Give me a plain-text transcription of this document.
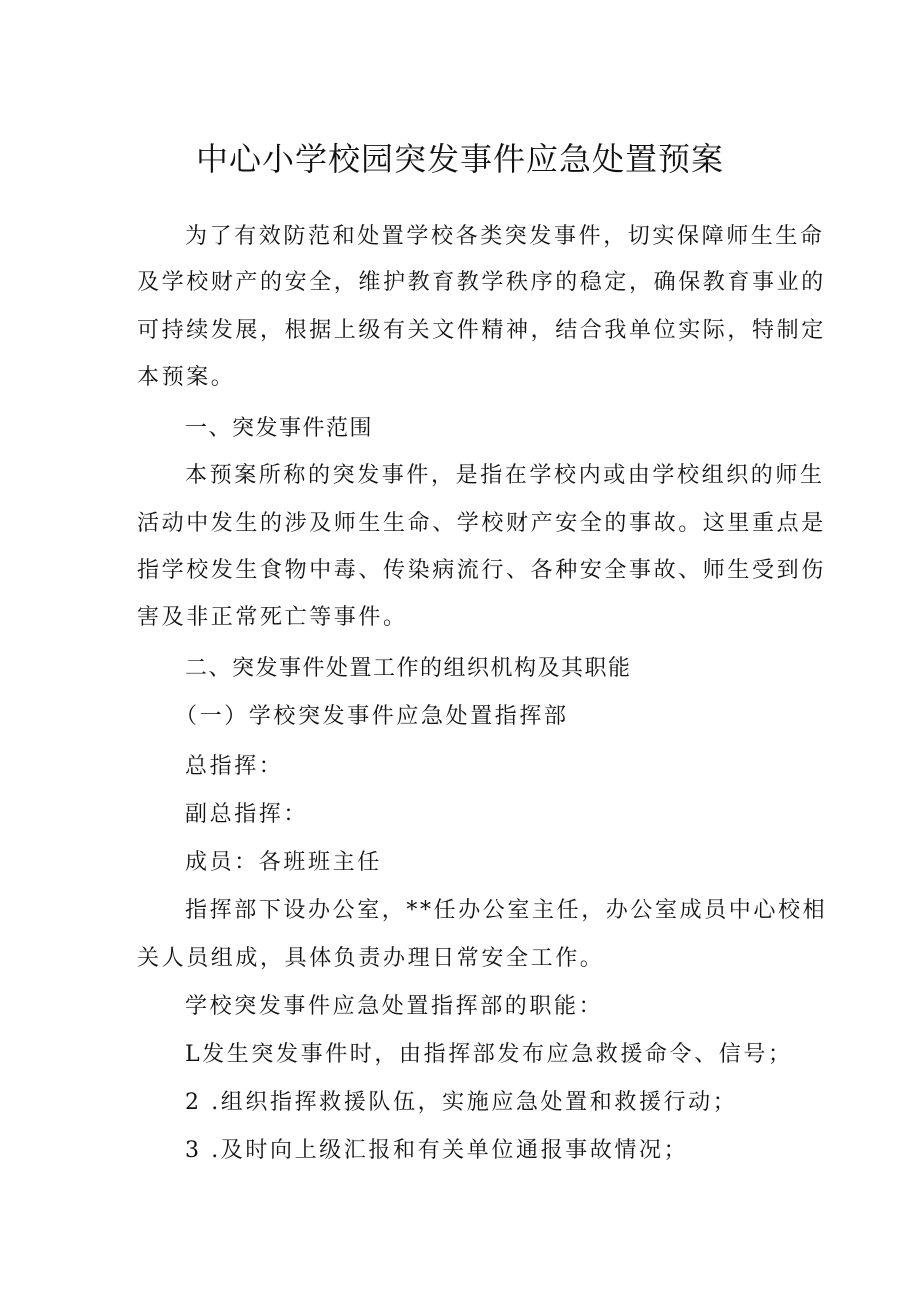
中心小学校园突发事件应急处置预案
为了有效防范和处置学校各类突发事件，切实保障师生生命
及学校财产的安全，维护教育教学秩序的稳定，确保教育事业的
可持续发展，根据上级有关文件精神，结合我单位实际，特制定
本预案。
一、突发事件范围
本预案所称的突发事件，是指在学校内或由学校组织的师生
活动中发生的涉及师生生命、学校财产安全的事故。这里重点是
指学校发生食物中毒、传染病流行、各种安全事故、师生受到伤
害及非正常死亡等事件。
二、突发事件处置工作的组织机构及其职能
（一）学校突发事件应急处置指挥部
总指挥：
副总指挥：
成员：各班班主任
指挥部下设办公室，**任办公室主任，办公室成员中心校相
关人员组成，具体负责办理日常安全工作。
学校突发事件应急处置指挥部的职能：
L发生突发事件时，由指挥部发布应急救援命令、信号；
2 .组织指挥救援队伍，实施应急处置和救援行动；
3 .及时向上级汇报和有关单位通报事故情况；
